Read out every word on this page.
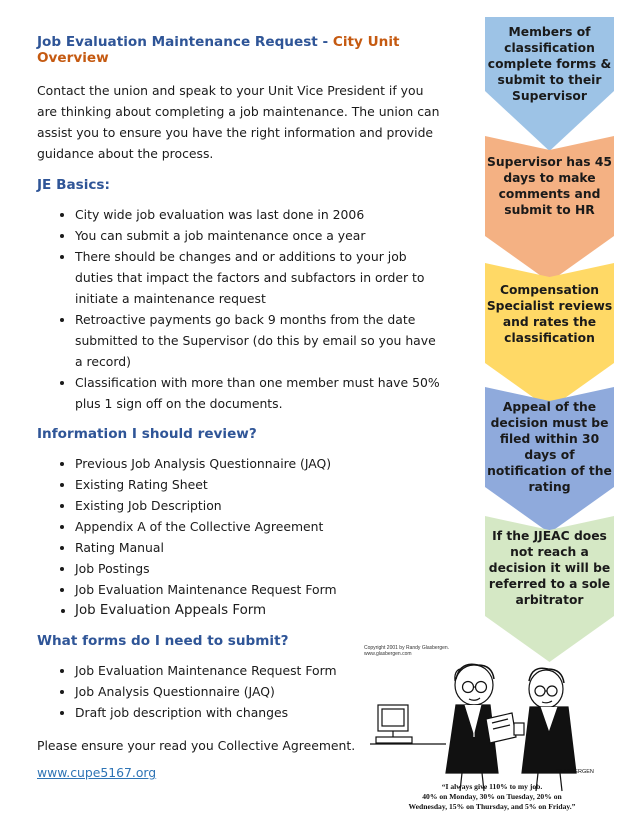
Job Evaluation Maintenance Request - City Unit Overview

Contact the union and speak to your Unit Vice President if you are thinking about completing a job maintenance. The union can assist you to ensure you have the right information and provide guidance about the process.

JE Basics:
• City wide job evaluation was last done in 2006
• You can submit a job maintenance once a year
• There should be changes and or additions to your job duties that impact the factors and subfactors in order to initiate a maintenance request
• Retroactive payments go back 9 months from the date submitted to the Supervisor (do this by email so you have a record)
• Classification with more than one member must have 50% plus 1 sign off on the documents.
Information I should review?
• Previous Job Analysis Questionnaire (JAQ)
• Existing Rating Sheet
• Existing Job Description
• Appendix A of the Collective Agreement
• Rating Manual
• Job Postings
• Job Evaluation Maintenance Request Form
• Job Evaluation Appeals Form
What forms do I need to submit?
• Job Evaluation Maintenance Request Form
• Job Analysis Questionnaire (JAQ)
• Draft job description with changes

Please ensure your read you Collective Agreement.

www.cupe5167.org
Members of classification complete forms & submit to their Supervisor
Supervisor has 45 days to make comments and submit to HR
Compensation Specialist reviews and rates the classification
Appeal of the decision must be filed within 30 days of notification of the rating
If the JJEAC does not reach a decision it will be referred to a sole arbitrator
Copyright 2001 by Randy Glasbergen.
www.glasbergen.com
GLASBERGEN
“I always give 110% to my job.
40% on Monday, 30% on Tuesday, 20% on
Wednesday, 15% on Thursday, and 5% on Friday.”
